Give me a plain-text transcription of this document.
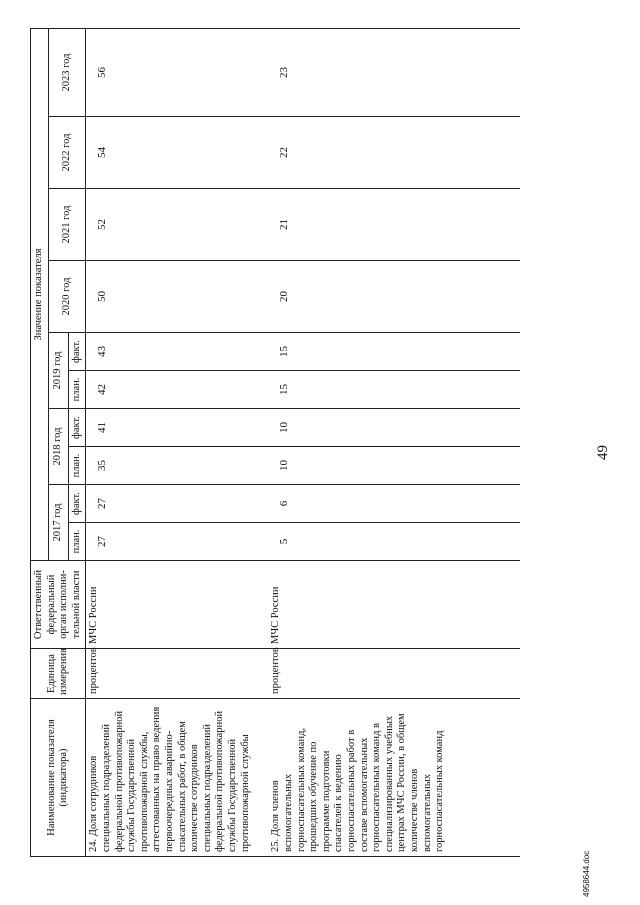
Наименование показателя (индикатора)	Единица измерения	Ответственный федеральный орган исполни-тельной власти	Значение показателя									
			2017 год		2018 год		2019 год		2020 год	2021 год	2022 год	2023 год
			план.	факт.	план.	факт.	план.	факт.				
24. Доля сотрудников специальных подразделений федеральной противопожарной службы Государственной противопожарной службы, аттестованных на право ведения первоочередных аварийно-спасательных работ, в общем количестве сотрудников специальных подразделений федеральной противопожарной службы Государственной противопожарной службы	процентов	МЧС России	27	27	35	41	42	43	50	52	54	56
25. Доля членов вспомогательных горноспасательных команд, прошедших обучение по программе подготовки спасателей к ведению горноспасательных работ в составе вспомогательных горноспасательных команд в специализированных учебных центрах МЧС России, в общем количестве членов вспомогательных горноспасательных команд	процентов	МЧС России	5	6	10	10	15	15	20	21	22	23
49
4958644.doc
